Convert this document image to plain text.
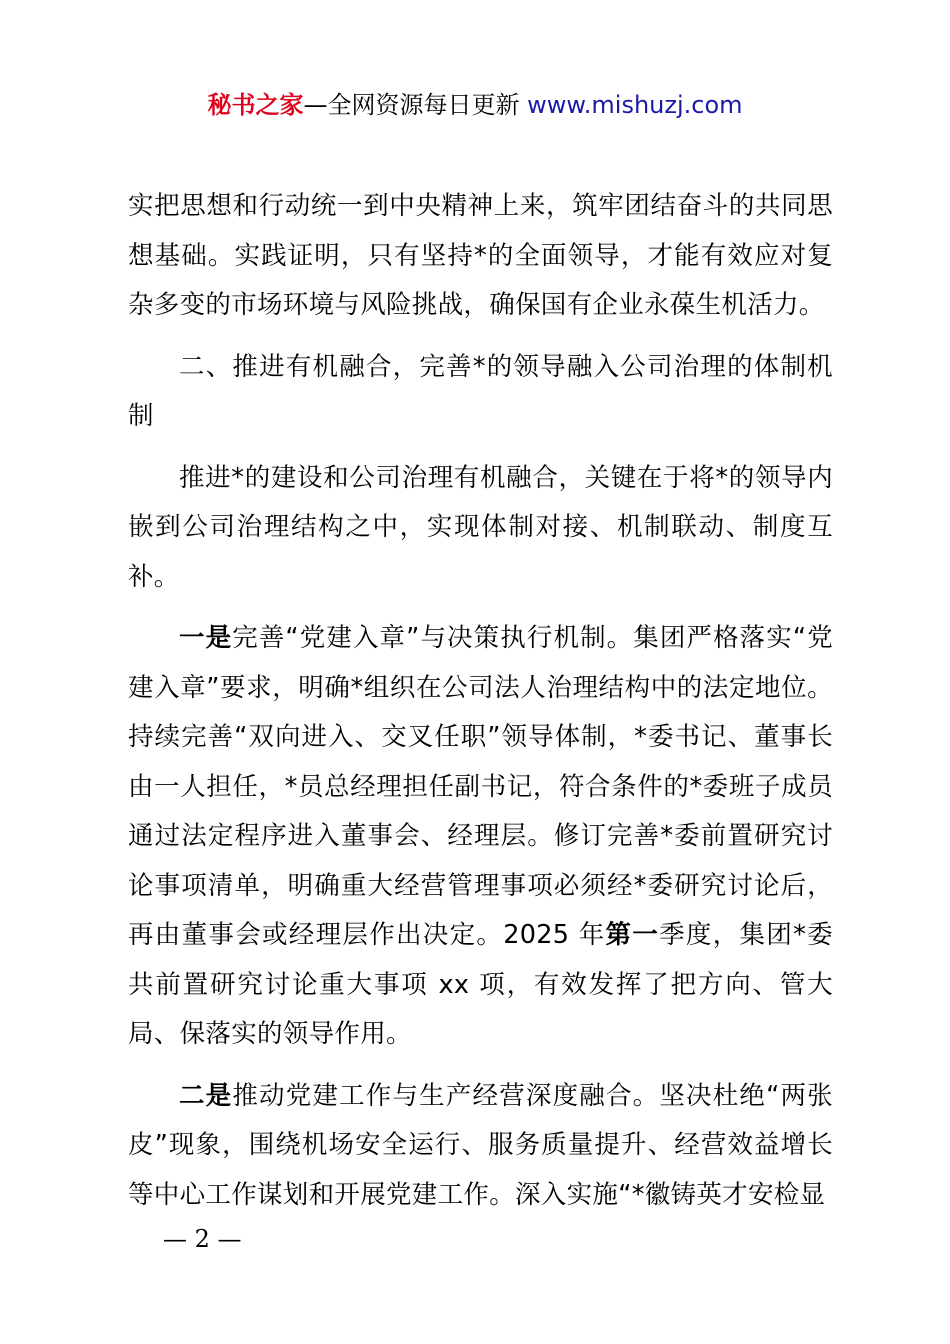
秘书之家—全网资源每日更新 www.mishuzj.com

实把思想和行动统一到中央精神上来，筑牢团结奋斗的共同思想基础。实践证明，只有坚持*的全面领导，才能有效应对复杂多变的市场环境与风险挑战，确保国有企业永葆生机活力。

二、推进有机融合，完善*的领导融入公司治理的体制机制

推进*的建设和公司治理有机融合，关键在于将*的领导内嵌到公司治理结构之中，实现体制对接、机制联动、制度互补。

一是完善“党建入章”与决策执行机制。集团严格落实“党建入章”要求，明确*组织在公司法人治理结构中的法定地位。持续完善“双向进入、交叉任职”领导体制，*委书记、董事长由一人担任，*员总经理担任副书记，符合条件的*委班子成员通过法定程序进入董事会、经理层。修订完善*委前置研究讨论事项清单，明确重大经营管理事项必须经*委研究讨论后，再由董事会或经理层作出决定。2025 年第一季度，集团*委共前置研究讨论重大事项 xx 项，有效发挥了把方向、管大局、保落实的领导作用。

二是推动党建工作与生产经营深度融合。坚决杜绝“两张皮”现象，围绕机场安全运行、服务质量提升、经营效益增长等中心工作谋划和开展党建工作。深入实施“*徽铸英才安检显

— 2 —
